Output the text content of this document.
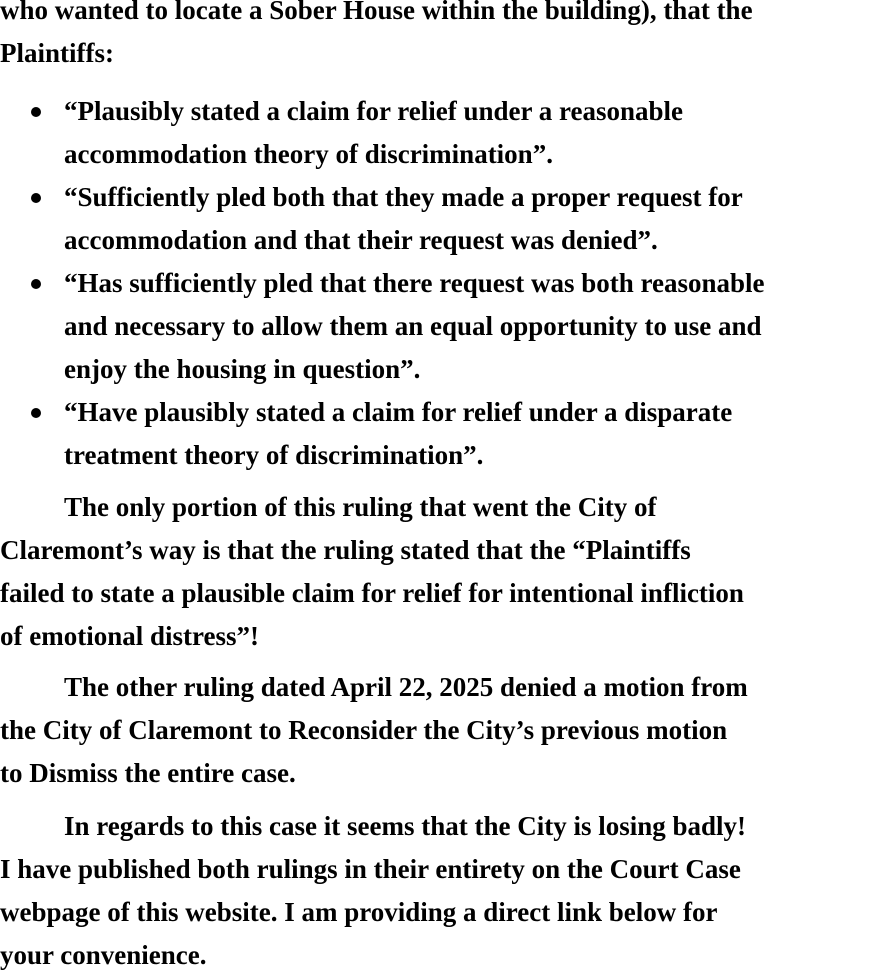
who wanted to locate a Sober House within the building), that the
Plaintiffs:
“Plausibly stated a claim for relief under a reasonable
accommodation theory of discrimination”.
“Sufficiently pled both that they made a proper request for
accommodation and that their request was denied”.
“Has sufficiently pled that there request was both reasonable
and necessary to allow them an equal opportunity to use and
enjoy the housing in question”.
“Have plausibly stated a claim for relief under a disparate
treatment theory of discrimination”.
The only portion of this ruling that went the City of
Claremont’s way is that the ruling stated that the “Plaintiffs
failed to state a plausible claim for relief for intentional infliction
of emotional distress”!
The other ruling dated April 22, 2025 denied a motion from
the City of Claremont to Reconsider the City’s previous motion
to Dismiss the entire case.
In regards to this case it seems that the City is losing badly!
I have published both rulings in their entirety on the Court Case
webpage of this website. I am providing a direct link below for
your convenience.
